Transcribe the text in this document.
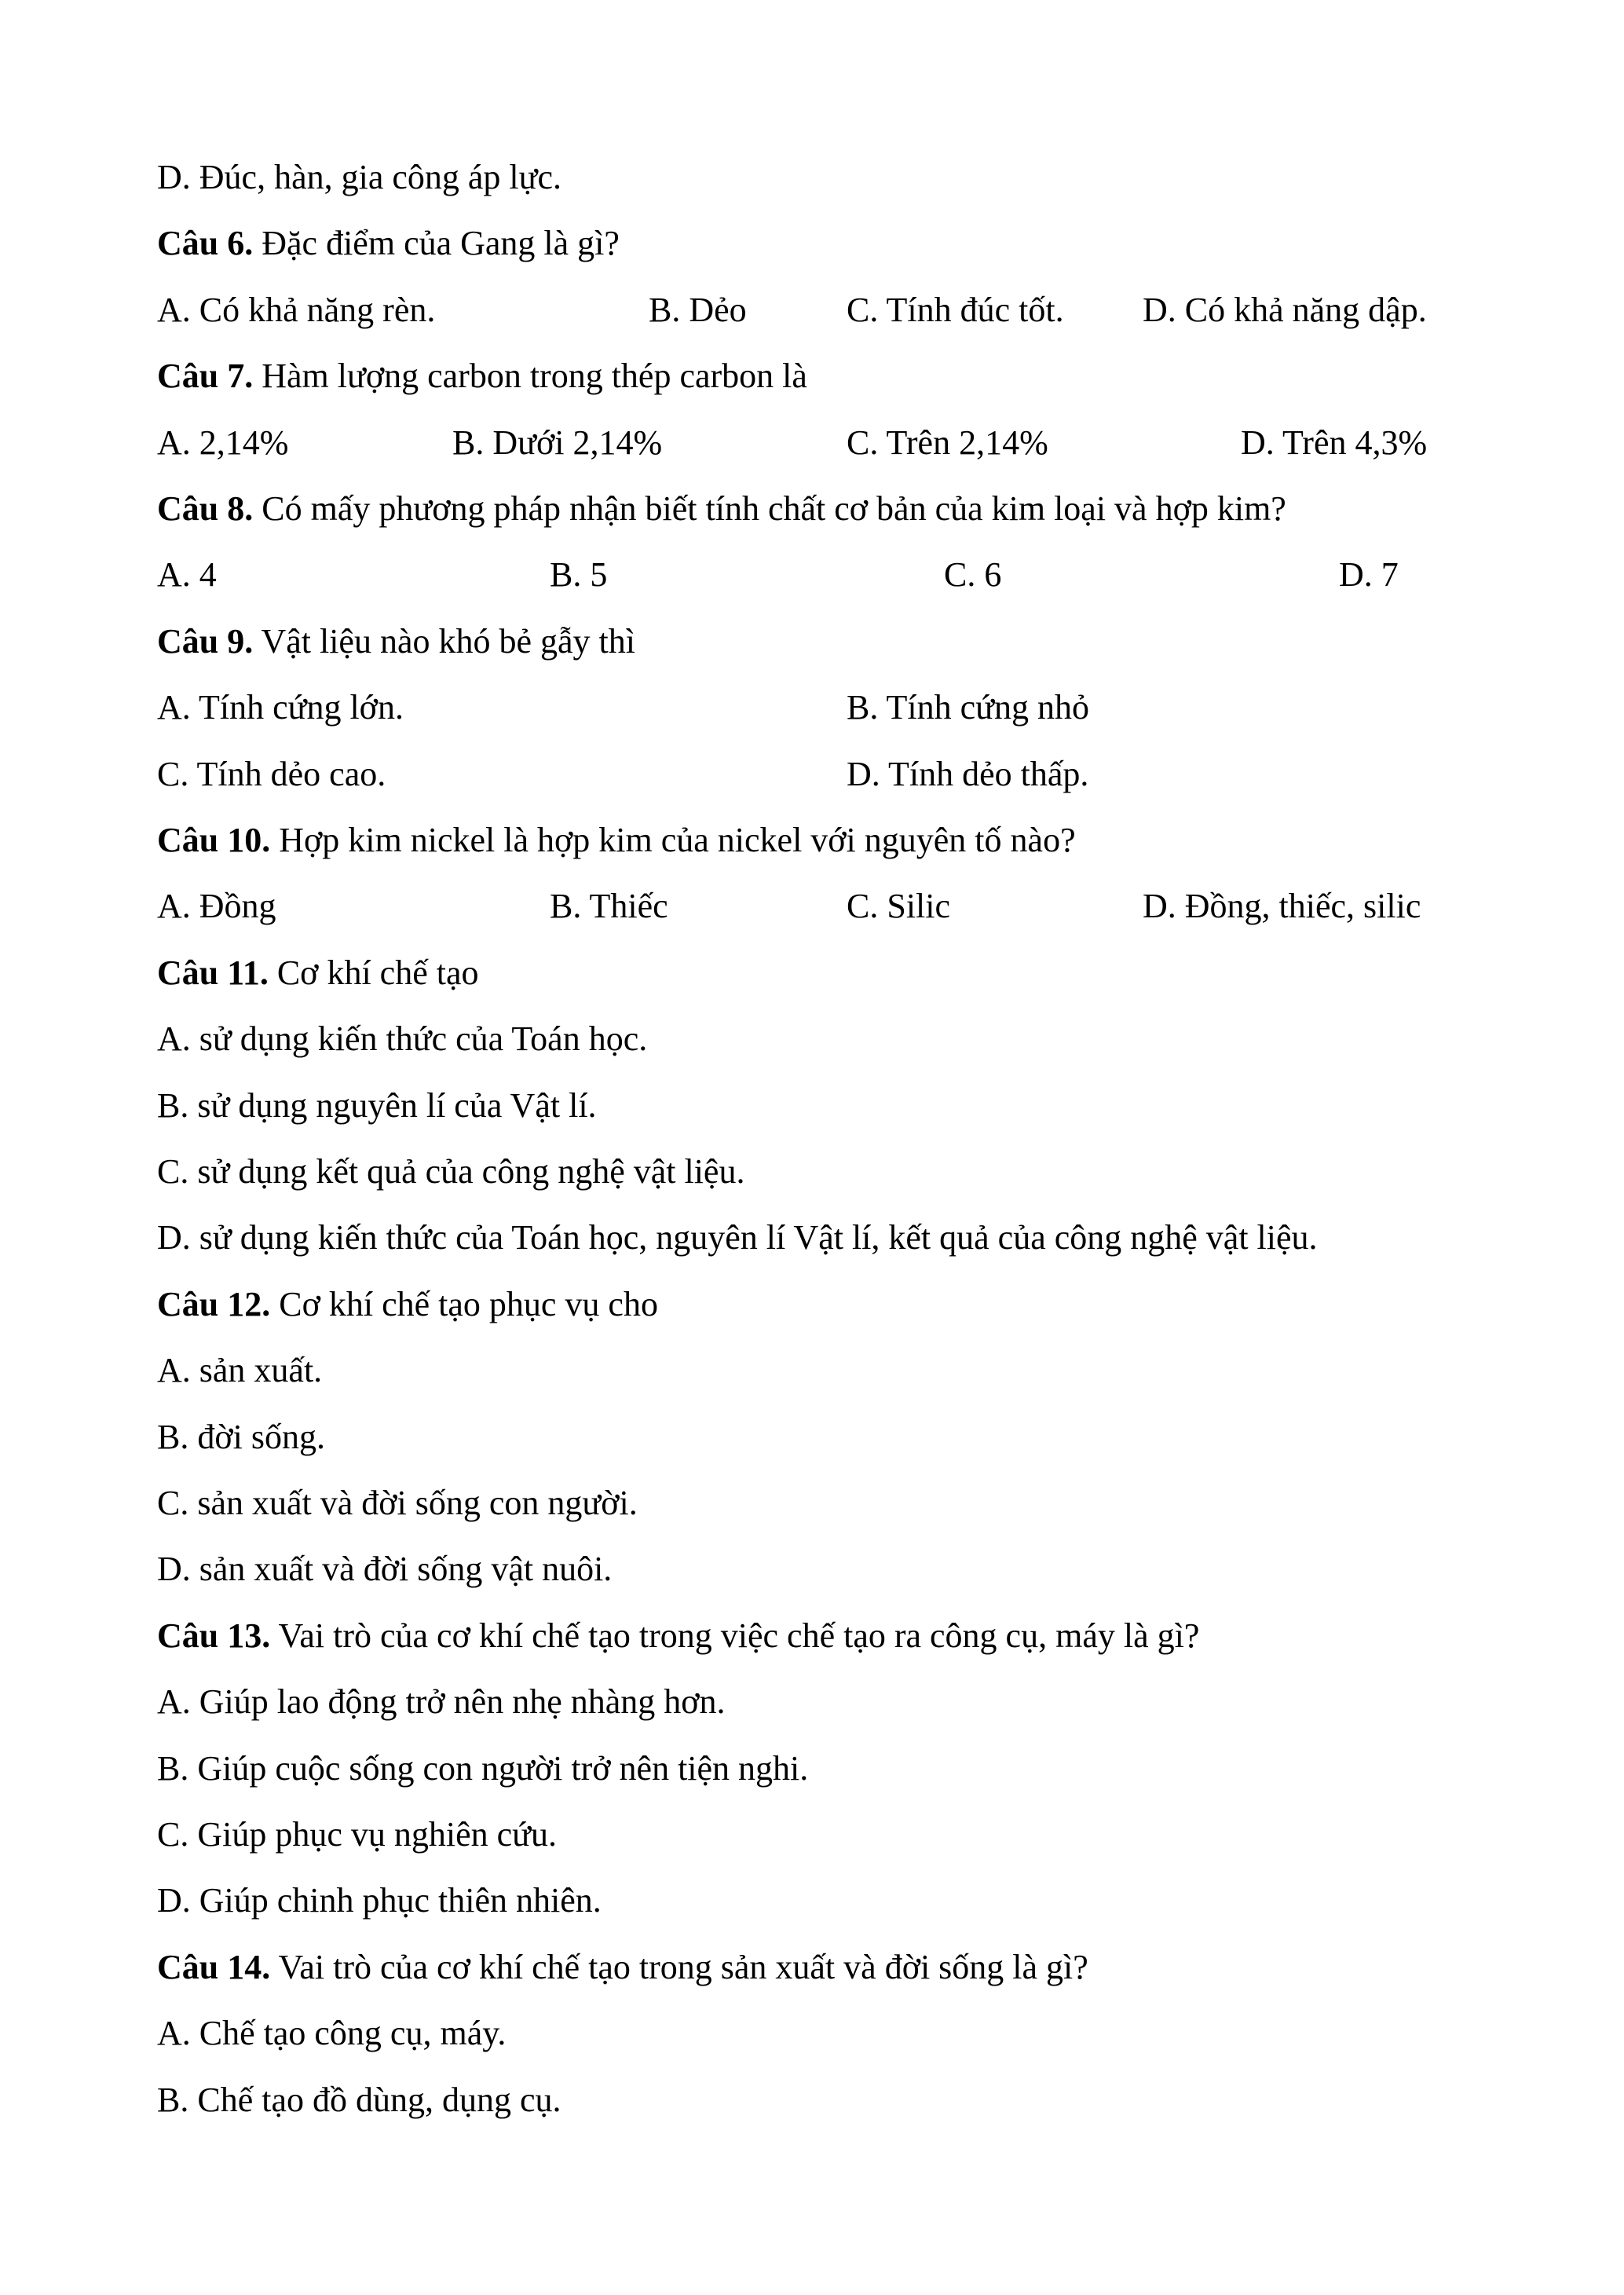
D. Đúc, hàn, gia công áp lực.
Câu 6. Đặc điểm của Gang là gì?
A. Có khả năng rèn.	B. Dẻo	C. Tính đúc tốt. D. Có khả năng dập.
Câu 7. Hàm lượng carbon trong thép carbon là
A. 2,14%	B. Dưới 2,14%	C. Trên 2,14%	D. Trên 4,3%
Câu 8. Có mấy phương pháp nhận biết tính chất cơ bản của kim loại và hợp kim?
A. 4	B. 5	C. 6	D. 7
Câu 9. Vật liệu nào khó bẻ gẫy thì
A. Tính cứng lớn.	B. Tính cứng nhỏ
C. Tính dẻo cao.	D. Tính dẻo thấp.
Câu 10. Hợp kim nickel là hợp kim của nickel với nguyên tố nào?
A. Đồng	B. Thiếc	C. Silic	D. Đồng, thiếc, silic
Câu 11. Cơ khí chế tạo
A. sử dụng kiến thức của Toán học.
B. sử dụng nguyên lí của Vật lí.
C. sử dụng kết quả của công nghệ vật liệu.
D. sử dụng kiến thức của Toán học, nguyên lí Vật lí, kết quả của công nghệ vật liệu.
Câu 12. Cơ khí chế tạo phục vụ cho
A. sản xuất.
B. đời sống.
C. sản xuất và đời sống con người.
D. sản xuất và đời sống vật nuôi.
Câu 13. Vai trò của cơ khí chế tạo trong việc chế tạo ra công cụ, máy là gì?
A. Giúp lao động trở nên nhẹ nhàng hơn.
B. Giúp cuộc sống con người trở nên tiện nghi.
C. Giúp phục vụ nghiên cứu.
D. Giúp chinh phục thiên nhiên.
Câu 14. Vai trò của cơ khí chế tạo trong sản xuất và đời sống là gì?
A. Chế tạo công cụ, máy.
B. Chế tạo đồ dùng, dụng cụ.
